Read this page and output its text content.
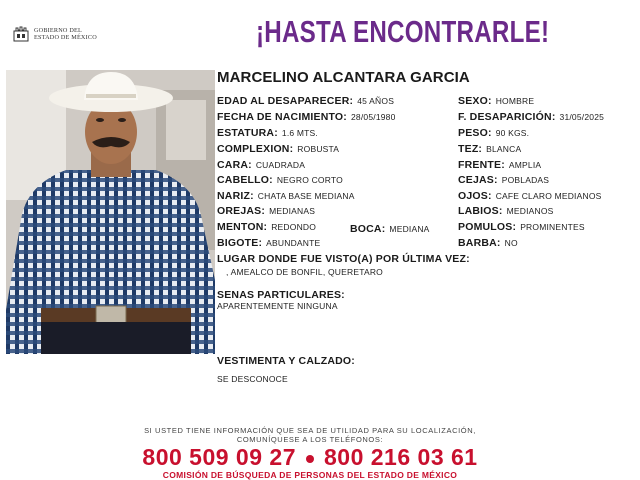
GOBIERNO DEL
ESTADO DE MÉXICO	¡HASTA ENCONTRARLE!
MARCELINO ALCANTARA GARCIA
EDAD AL DESAPARECER: 45 AÑOS
FECHA DE NACIMIENTO: 28/05/1980
ESTATURA: 1.6 MTS.
COMPLEXION: ROBUSTA
CARA: CUADRADA
CABELLO: NEGRO CORTO
NARIZ: CHATA BASE MEDIANA
OREJAS: MEDIANAS
MENTON: REDONDO	BOCA: MEDIANA
BIGOTE: ABUNDANTE
SEXO: HOMBRE
F. DESAPARICIÓN: 31/05/2025
PESO: 90 KGS.
TEZ: BLANCA
FRENTE: AMPLIA
CEJAS: POBLADAS
OJOS: CAFE CLARO MEDIANOS
LABIOS: MEDIANOS
POMULOS: PROMINENTES
BARBA: NO
LUGAR DONDE FUE VISTO(A) POR ÚLTIMA VEZ:
, AMEALCO DE BONFIL, QUERETARO
SENAS PARTICULARES:
APARENTEMENTE NINGUNA
VESTIMENTA Y CALZADO:
SE DESCONOCE
SI USTED TIENE INFORMACIÓN QUE SEA DE UTILIDAD PARA SU LOCALIZACIÓN,
COMUNÍQUESE A LOS TELÉFONOS:
800 509 09 27 800 216 03 61
COMISIÓN DE BÚSQUEDA DE PERSONAS DEL ESTADO DE MÉXICO
